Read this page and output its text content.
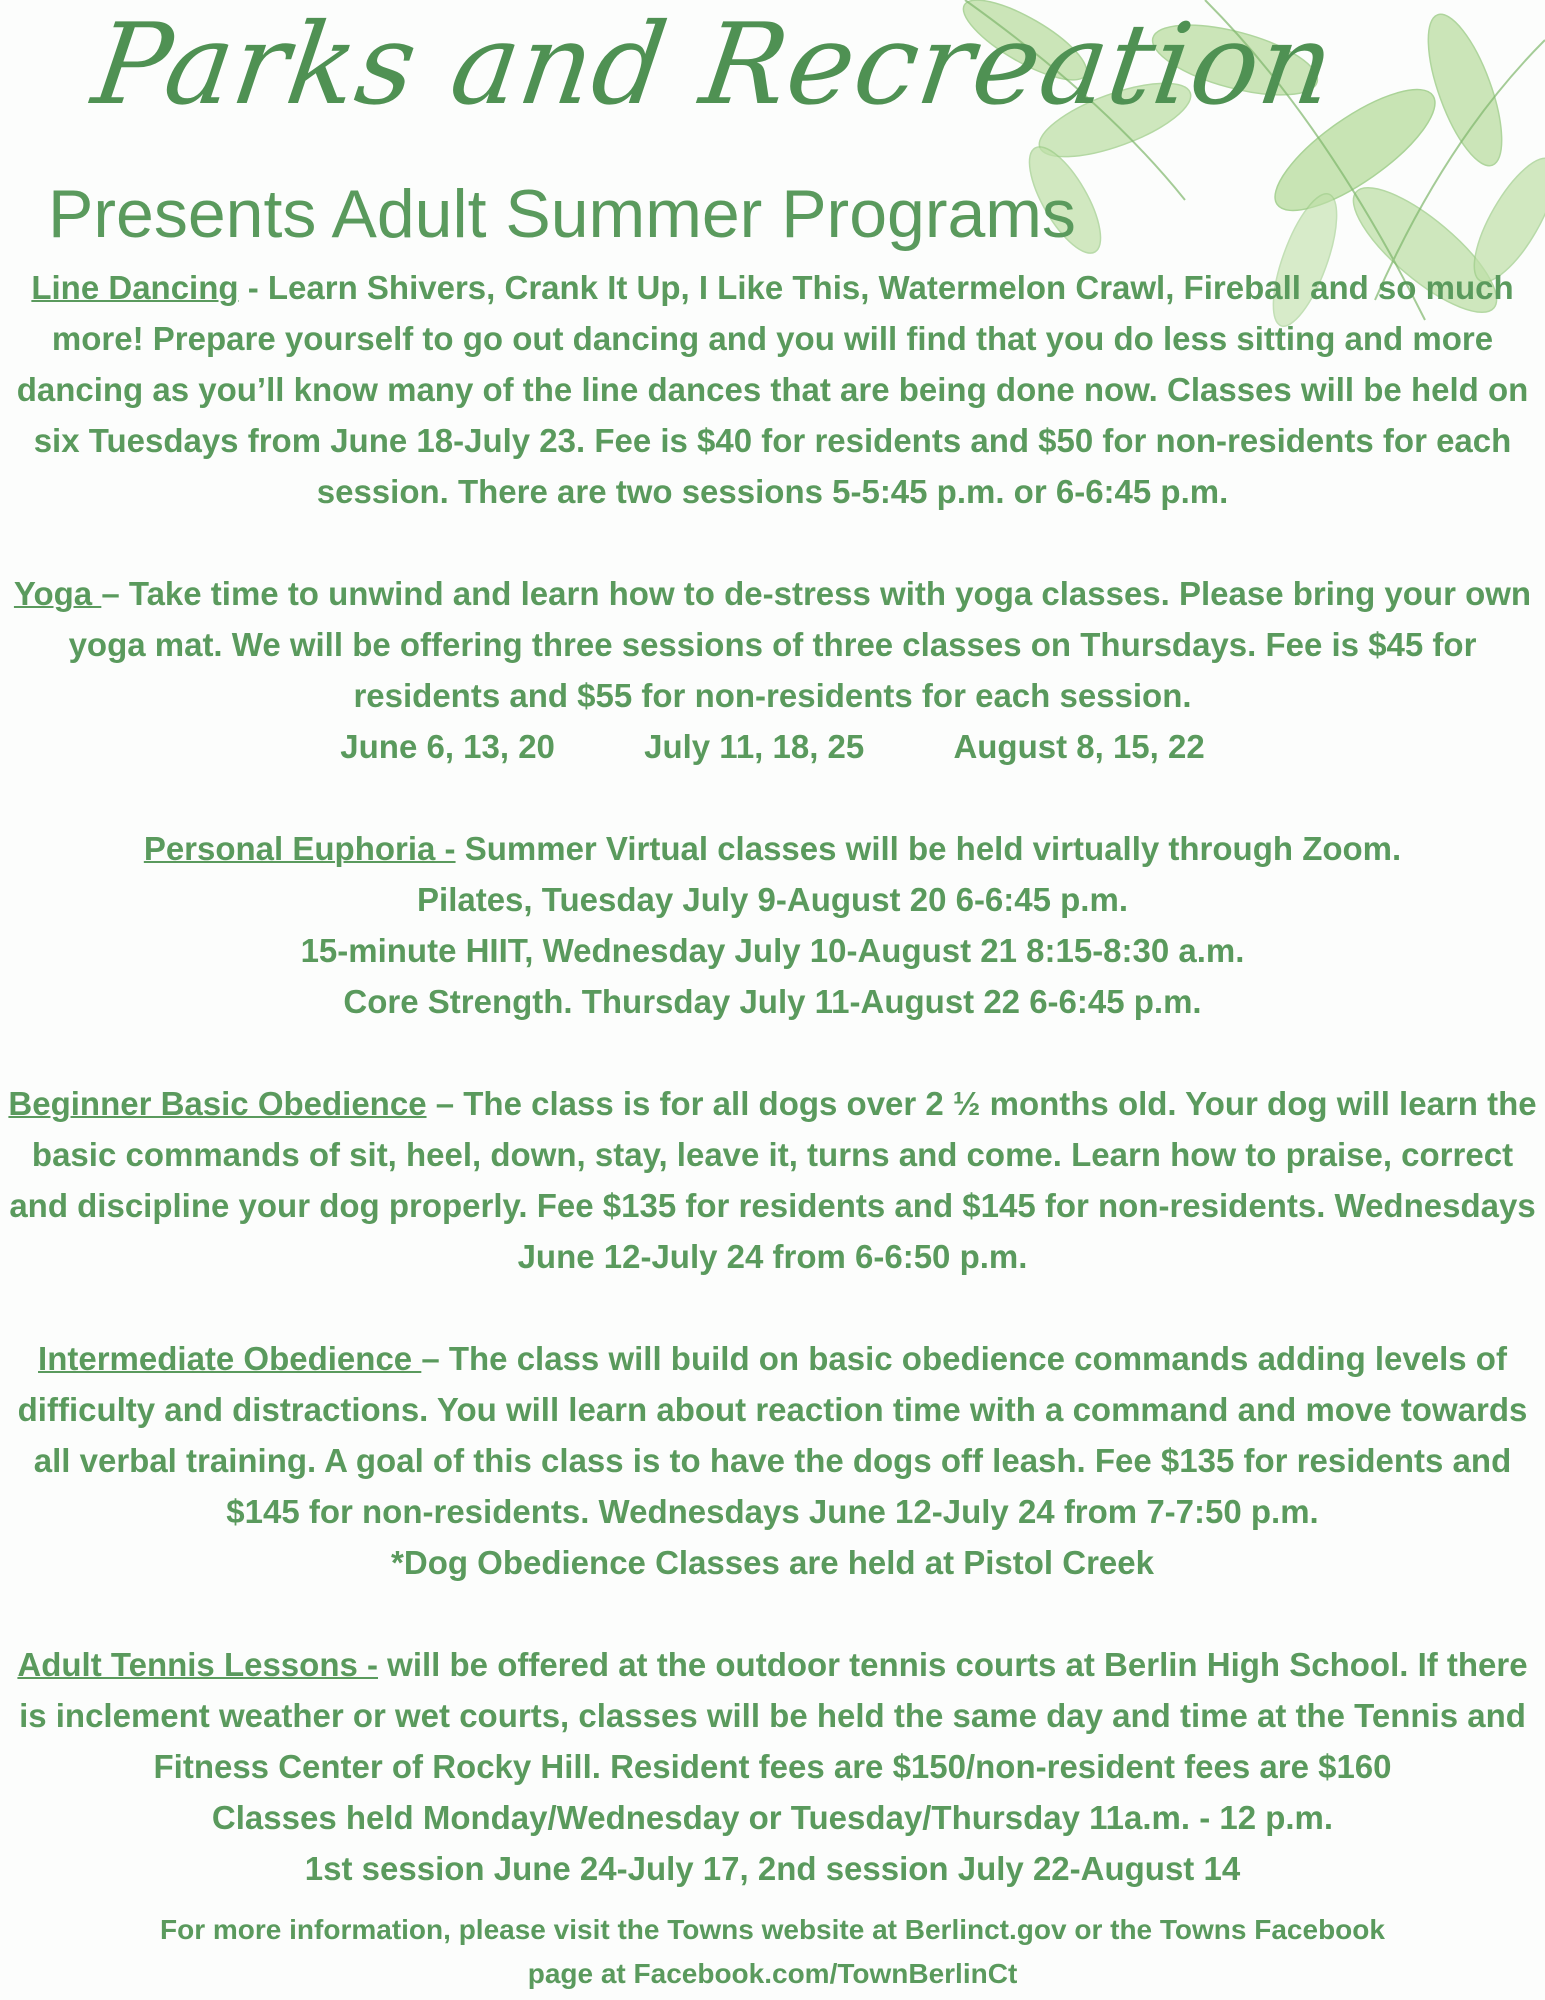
Parks and Recreation
Presents Adult Summer Programs

Line Dancing - Learn Shivers, Crank It Up, I Like This, Watermelon Crawl, Fireball and so much more! Prepare yourself to go out dancing and you will find that you do less sitting and more dancing as you’ll know many of the line dances that are being done now. Classes will be held on six Tuesdays from June 18-July 23. Fee is $40 for residents and $50 for non-residents for each session. There are two sessions 5-5:45 p.m. or 6-6:45 p.m.

Yoga – Take time to unwind and learn how to de-stress with yoga classes. Please bring your own yoga mat. We will be offering three sessions of three classes on Thursdays. Fee is $45 for residents and $55 for non-residents for each session.

June 6, 13, 20	July 11, 18, 25	August 8, 15, 22

Personal Euphoria - Summer Virtual classes will be held virtually through Zoom.

Pilates, Tuesday July 9-August 20 6-6:45 p.m.

15-minute HIIT, Wednesday July 10-August 21 8:15-8:30 a.m.

Core Strength. Thursday July 11-August 22 6-6:45 p.m.

Beginner Basic Obedience – The class is for all dogs over 2 ½ months old. Your dog will learn the basic commands of sit, heel, down, stay, leave it, turns and come. Learn how to praise, correct and discipline your dog properly. Fee $135 for residents and $145 for non-residents. Wednesdays June 12-July 24 from 6-6:50 p.m.

Intermediate Obedience – The class will build on basic obedience commands adding levels of difficulty and distractions. You will learn about reaction time with a command and move towards all verbal training. A goal of this class is to have the dogs off leash. Fee $135 for residents and $145 for non-residents. Wednesdays June 12-July 24 from 7-7:50 p.m.

*Dog Obedience Classes are held at Pistol Creek

Adult Tennis Lessons - will be offered at the outdoor tennis courts at Berlin High School. If there is inclement weather or wet courts, classes will be held the same day and time at the Tennis and Fitness Center of Rocky Hill. Resident fees are $150/non-resident fees are $160

Classes held Monday/Wednesday or Tuesday/Thursday 11a.m. - 12 p.m.

1st session June 24-July 17, 2nd session July 22-August 14

For more information, please visit the Towns website at Berlinct.gov or the Towns Facebook

page at Facebook.com/TownBerlinCt
